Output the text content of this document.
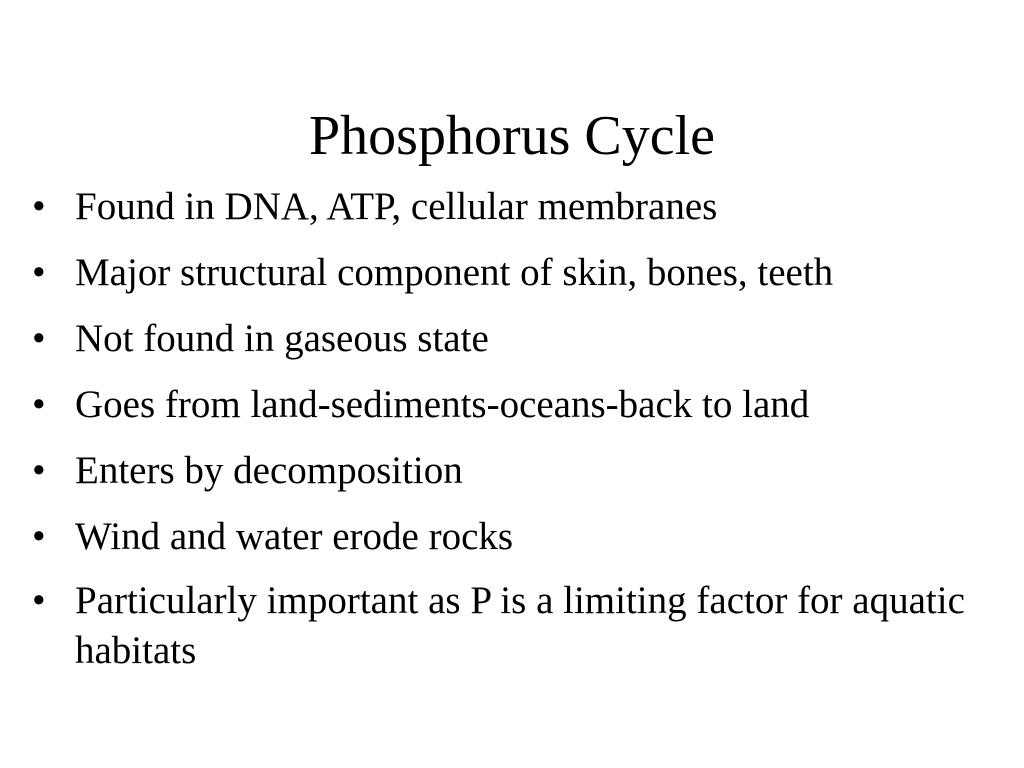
Phosphorus Cycle
• Found in DNA, ATP, cellular membranes
• Major structural component of skin, bones, teeth
• Not found in gaseous state
• Goes from land-sediments-oceans-back to land
• Enters by decomposition
• Wind and water erode rocks
• Particularly important as P is a limiting factor for aquatic habitats
